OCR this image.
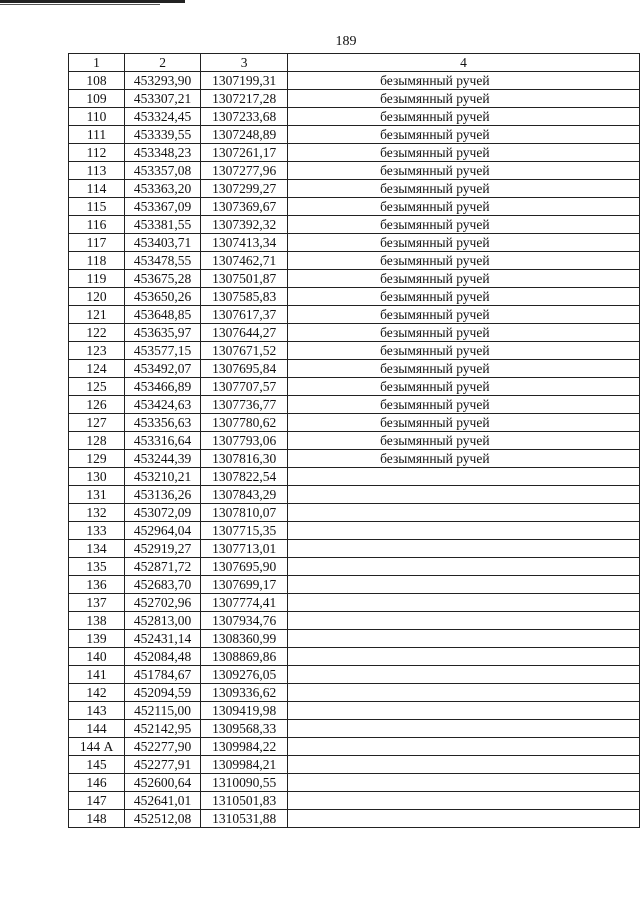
189
1	2	3	4
108	453293,90	1307199,31	безымянный ручей
109	453307,21	1307217,28	безымянный ручей
110	453324,45	1307233,68	безымянный ручей
111	453339,55	1307248,89	безымянный ручей
112	453348,23	1307261,17	безымянный ручей
113	453357,08	1307277,96	безымянный ручей
114	453363,20	1307299,27	безымянный ручей
115	453367,09	1307369,67	безымянный ручей
116	453381,55	1307392,32	безымянный ручей
117	453403,71	1307413,34	безымянный ручей
118	453478,55	1307462,71	безымянный ручей
119	453675,28	1307501,87	безымянный ручей
120	453650,26	1307585,83	безымянный ручей
121	453648,85	1307617,37	безымянный ручей
122	453635,97	1307644,27	безымянный ручей
123	453577,15	1307671,52	безымянный ручей
124	453492,07	1307695,84	безымянный ручей
125	453466,89	1307707,57	безымянный ручей
126	453424,63	1307736,77	безымянный ручей
127	453356,63	1307780,62	безымянный ручей
128	453316,64	1307793,06	безымянный ручей
129	453244,39	1307816,30	безымянный ручей
130	453210,21	1307822,54	
131	453136,26	1307843,29	
132	453072,09	1307810,07	
133	452964,04	1307715,35	
134	452919,27	1307713,01	
135	452871,72	1307695,90	
136	452683,70	1307699,17	
137	452702,96	1307774,41	
138	452813,00	1307934,76	
139	452431,14	1308360,99	
140	452084,48	1308869,86	
141	451784,67	1309276,05	
142	452094,59	1309336,62	
143	452115,00	1309419,98	
144	452142,95	1309568,33	
144 А	452277,90	1309984,22	
145	452277,91	1309984,21	
146	452600,64	1310090,55	
147	452641,01	1310501,83	
148	452512,08	1310531,88	
